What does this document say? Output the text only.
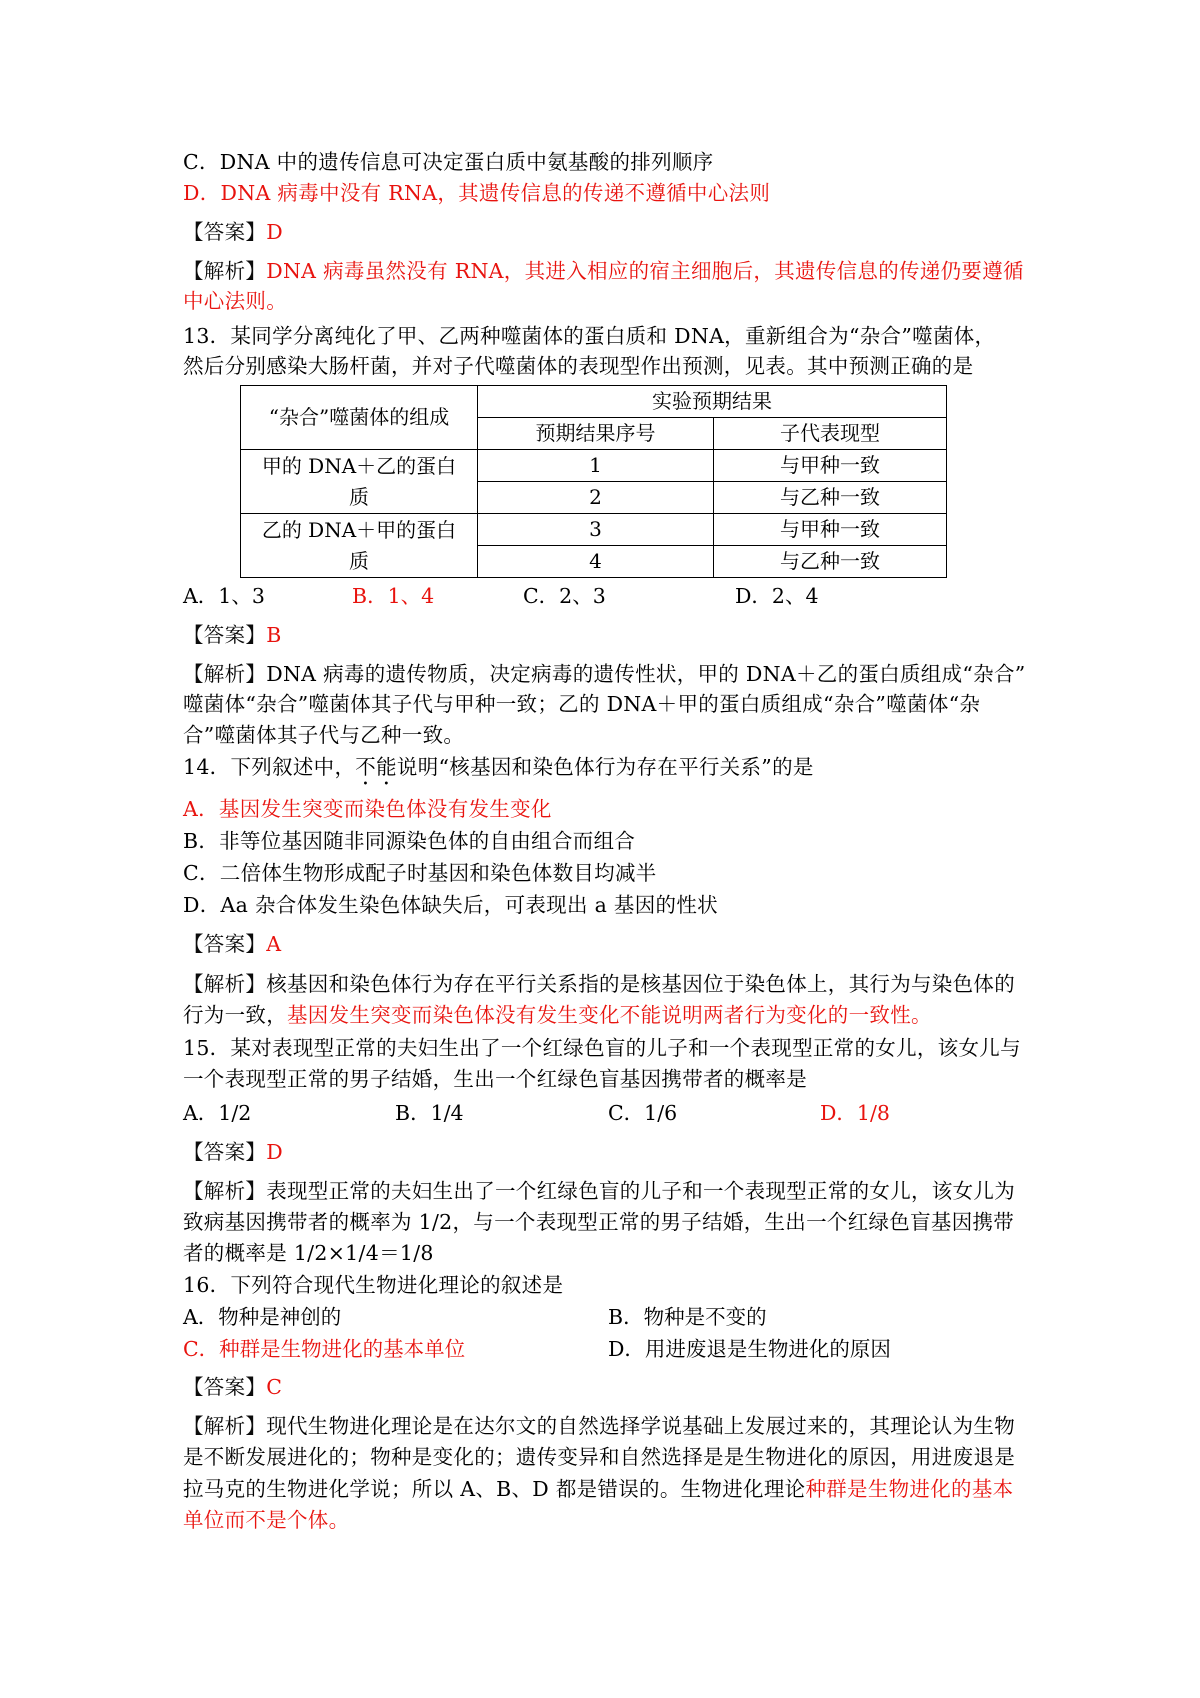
C．DNA 中的遗传信息可决定蛋白质中氨基酸的排列顺序
D．DNA 病毒中没有 RNA，其遗传信息的传递不遵循中心法则
【答案】D
【解析】DNA 病毒虽然没有 RNA，其进入相应的宿主细胞后，其遗传信息的传递仍要遵循
中心法则。
13．某同学分离纯化了甲、乙两种噬菌体的蛋白质和 DNA，重新组合为“杂合”噬菌体，
然后分别感染大肠杆菌，并对子代噬菌体的表现型作出预测，见表。其中预测正确的是
“杂合”噬菌体的组成	实验预期结果	
	预期结果序号	子代表现型

甲的 DNA＋乙的蛋白
质	1	与甲种一致
	2	与乙种一致

乙的 DNA＋甲的蛋白
质	3	与甲种一致
	4	与乙种一致
A．1、3	B．1、4	C．2、3	D．2、4
【答案】B
【解析】DNA 病毒的遗传物质，决定病毒的遗传性状，甲的 DNA＋乙的蛋白质组成“杂合”
噬菌体“杂合”噬菌体其子代与甲种一致；乙的 DNA＋甲的蛋白质组成“杂合”噬菌体“杂
合”噬菌体其子代与乙种一致。
14．下列叙述中，不能说明“核基因和染色体行为存在平行关系”的是
A．基因发生突变而染色体没有发生变化
B．非等位基因随非同源染色体的自由组合而组合
C．二倍体生物形成配子时基因和染色体数目均减半
D．Aa 杂合体发生染色体缺失后，可表现出 a 基因的性状
【答案】A
【解析】核基因和染色体行为存在平行关系指的是核基因位于染色体上，其行为与染色体的
行为一致，基因发生突变而染色体没有发生变化不能说明两者行为变化的一致性。
15．某对表现型正常的夫妇生出了一个红绿色盲的儿子和一个表现型正常的女儿，该女儿与
一个表现型正常的男子结婚，生出一个红绿色盲基因携带者的概率是
A．1/2	B．1/4	C．1/6	D．1/8
【答案】D
【解析】表现型正常的夫妇生出了一个红绿色盲的儿子和一个表现型正常的女儿，该女儿为
致病基因携带者的概率为 1/2，与一个表现型正常的男子结婚，生出一个红绿色盲基因携带
者的概率是 1/2×1/4＝1/8
16．下列符合现代生物进化理论的叙述是
A．物种是神创的	B．物种是不变的
C．种群是生物进化的基本单位	D．用进废退是生物进化的原因
【答案】C
【解析】现代生物进化理论是在达尔文的自然选择学说基础上发展过来的，其理论认为生物
是不断发展进化的；物种是变化的；遗传变异和自然选择是是生物进化的原因，用进废退是
拉马克的生物进化学说；所以 A、B、D 都是错误的。生物进化理论种群是生物进化的基本
单位而不是个体。
